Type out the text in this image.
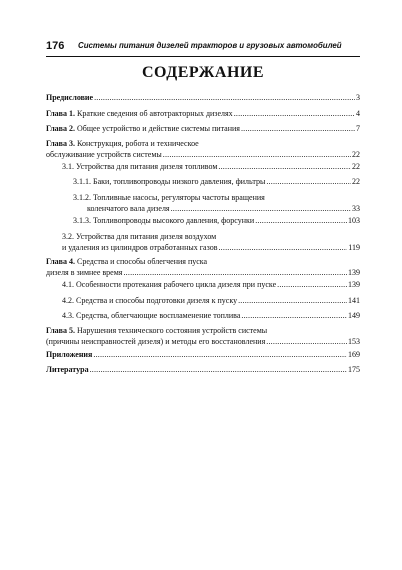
176 Системы питания дизелей тракторов и грузовых автомобилей
СОДЕРЖАНИЕ
Предисловие .....	3
Глава 1.
Краткие сведения об автотракторных дизелях .....	4
Глава 2.
Общее устройство и действие системы питания .....	7
Глава 3.
Конструкция, робота и техническое
обслуживание устройств системы .....	22
3.1. Устройства для питания дизеля топливом .....	22
3.1.1. Баки, топливопроводы низкого давления, фильтры .....	22
3.1.2. Топливные насосы, регуляторы частоты вращения
коленчатого вала дизеля .....	33
3.1.3. Топливопроводы высокого давления, форсунки .....	103
3.2. Устройства для питания дизеля воздухом
и удаления из цилиндров отработанных газов .....	119
Глава 4.
Средства и способы облегчения пуска
дизеля в зимнее время .....	139
4.1. Особенности протекания рабочего цикла дизеля при пуске .....	139
4.2. Средства и способы подготовки дизеля к пуску .....	141
4.3. Средства, облегчающие воспламенение топлива .....	149
Глава 5.
Нарушения технического состояния устройств системы
(причины неисправностей дизеля) и методы его восстановления .....	153
Приложения .....	169
Литература .....	175
